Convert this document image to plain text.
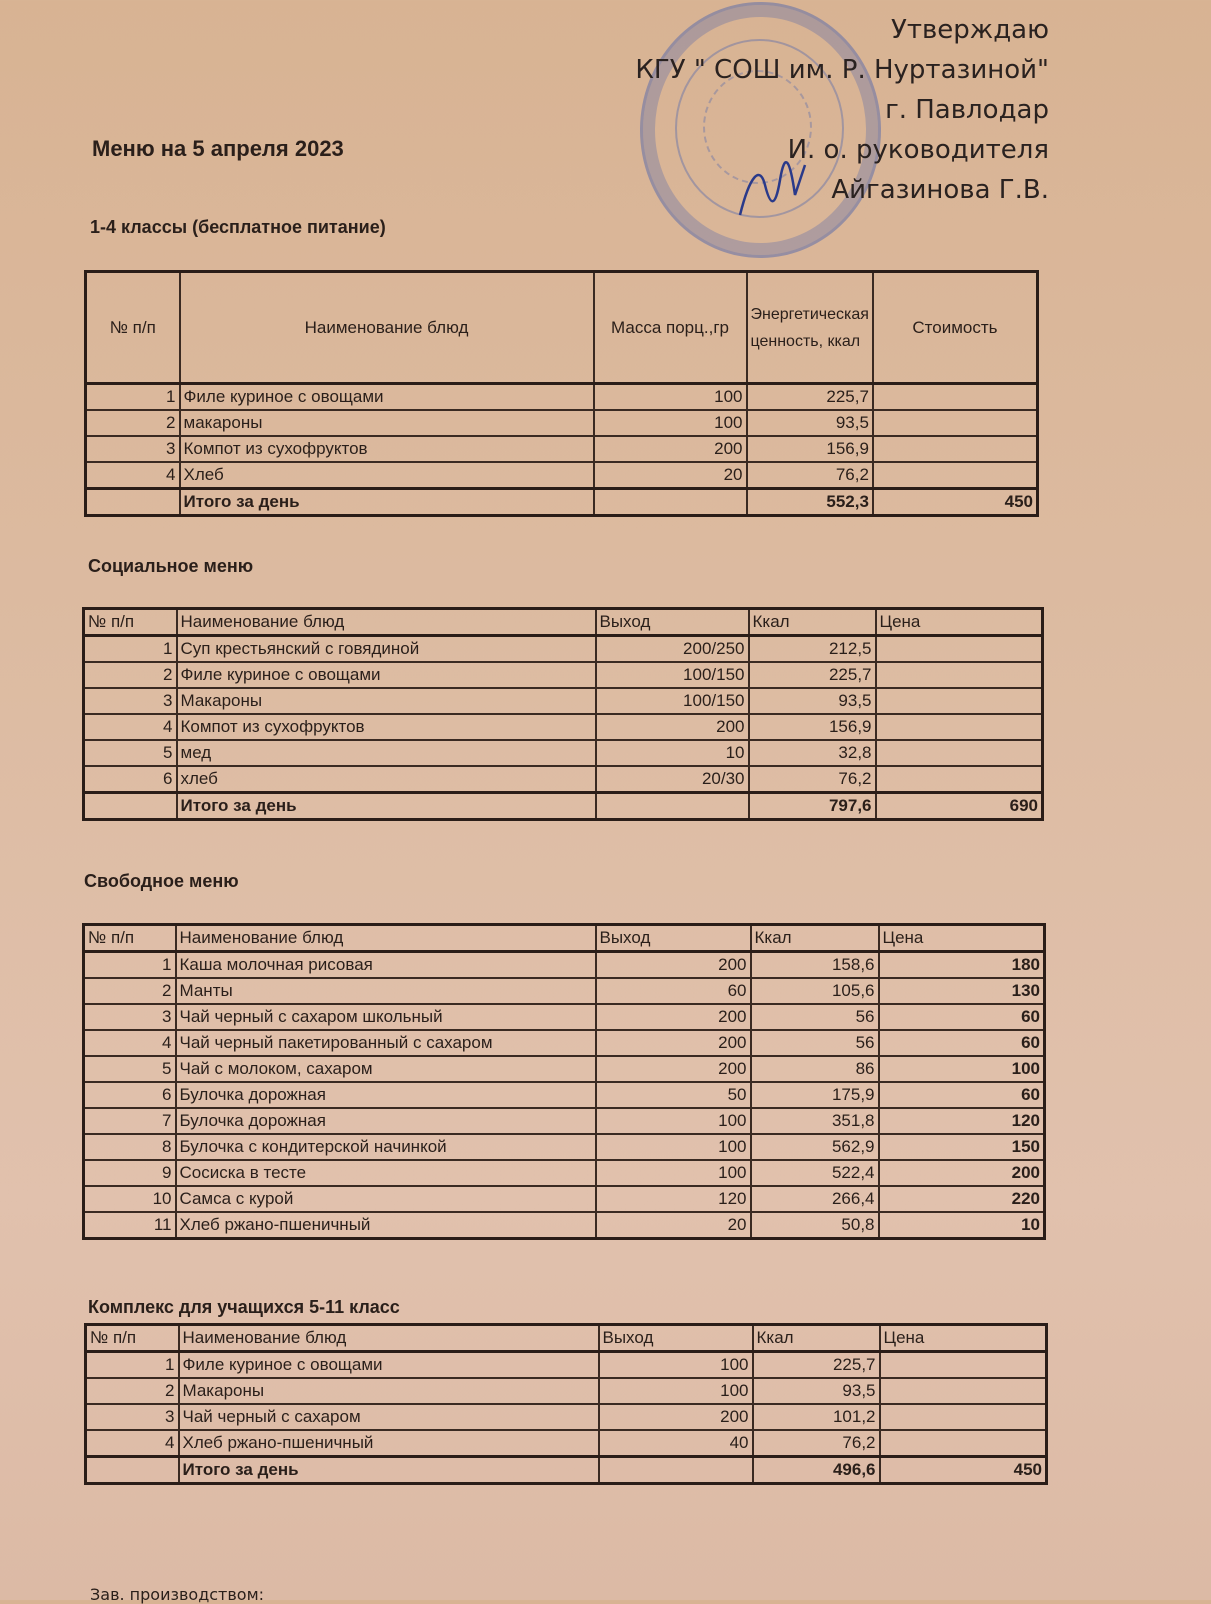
Утверждаю
КГУ " СОШ им. Р. Нуртазиной"
г. Павлодар
И. о. руководителя
Айгазинова Г.В.
Меню на 5 апреля 2023
1-4 классы (бесплатное питание)
№ п/п	Наименование блюд	Масса порц.,гр	Энергетическая ценность, ккал	Стоимость
1	Филе куриное с овощами	100	225,7	
2	макароны	100	93,5	
3	Компот из сухофруктов	200	156,9	
4	Хлеб	20	76,2	
	Итого за день		552,3	450
Социальное меню
№ п/п	Наименование блюд	Выход	Ккал	Цена
1	Суп крестьянский с говядиной	200/250	212,5	
2	Филе куриное с овощами	100/150	225,7	
3	Макароны	100/150	93,5	
4	Компот из сухофруктов	200	156,9	
5	мед	10	32,8	
6	хлеб	20/30	76,2	
	Итого за день		797,6	690
Свободное меню
№ п/п	Наименование блюд	Выход	Ккал	Цена
1	Каша молочная рисовая	200	158,6	180
2	Манты	60	105,6	130
3	Чай черный с сахаром школьный	200	56	60
4	Чай черный пакетированный с сахаром	200	56	60
5	Чай с молоком, сахаром	200	86	100
6	Булочка дорожная	50	175,9	60
7	Булочка дорожная	100	351,8	120
8	Булочка с кондитерской начинкой	100	562,9	150
9	Сосиска в тесте	100	522,4	200
10	Самса с курой	120	266,4	220
11	Хлеб ржано-пшеничный	20	50,8	10
Комплекс для учащихся 5-11 класс
№ п/п	Наименование блюд	Выход	Ккал	Цена
1	Филе куриное с овощами	100	225,7	
2	Макароны	100	93,5	
3	Чай черный с сахаром	200	101,2	
4	Хлеб ржано-пшеничный	40	76,2	
	Итого за день		496,6	450
Зав. производством:
